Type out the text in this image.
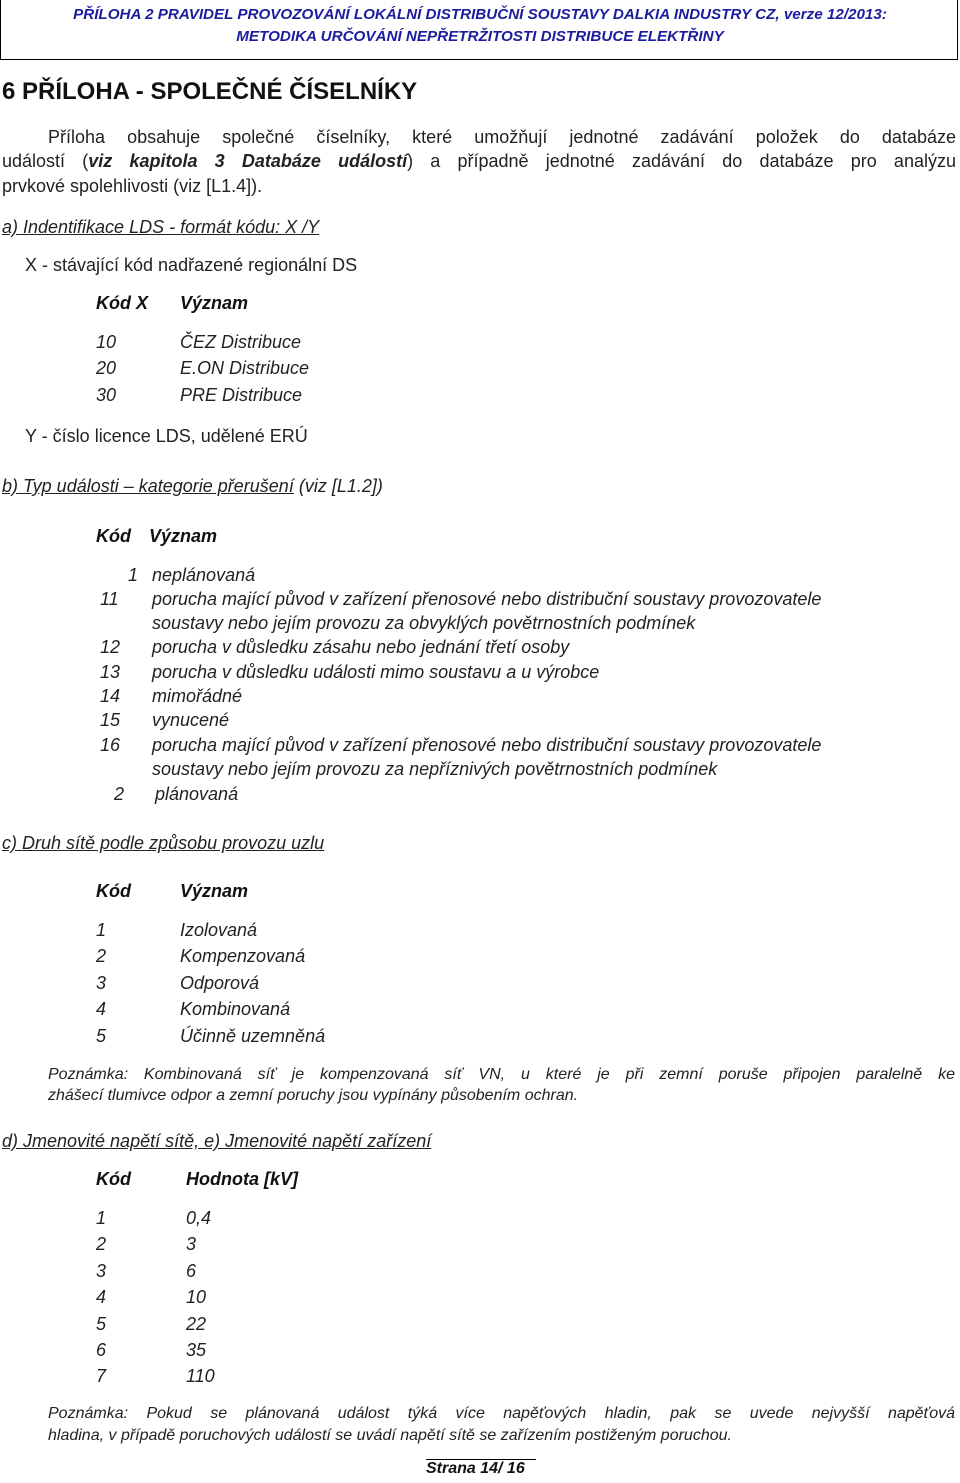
PŘÍLOHA 2 PRAVIDEL PROVOZOVÁNÍ LOKÁLNÍ DISTRIBUČNÍ SOUSTAVY DALKIA INDUSTRY CZ, verze 12/2013:
METODIKA URČOVÁNÍ NEPŘETRŽITOSTI DISTRIBUCE ELEKTŘINY
6 PŘÍLOHA - SPOLEČNÉ ČÍSELNÍKY
Příloha obsahuje společné číselníky, které umožňují jednotné zadávání položek do databáze
událostí (viz kapitola 3 Databáze událostí) a případně jednotné zadávání do databáze pro analýzu
prvkové spolehlivosti (viz [L1.4]).
a) Indentifikace LDS - formát kódu: X /Y
X - stávající kód nadřazené regionální DS
Kód X Význam
10	ČEZ Distribuce
20	E.ON Distribuce
30	PRE Distribuce
Y - číslo licence LDS, udělené ERÚ
b) Typ události – kategorie přerušení (viz [L1.2])
Kód Význam
1 neplánovaná
11	porucha mající původ v zařízení přenosové nebo distribuční soustavy provozovatele
soustavy nebo jejím provozu za obvyklých povětrnostních podmínek
12 porucha v důsledku zásahu nebo jednání třetí osoby
13 porucha v důsledku události mimo soustavu a u výrobce
14 mimořádné
15 vynucené
16 porucha mající původ v zařízení přenosové nebo distribuční soustavy provozovatele
soustavy nebo jejím provozu za nepříznivých povětrnostních podmínek
2 plánovaná
c) Druh sítě podle způsobu provozu uzlu
Kód	Význam
1	Izolovaná
2	Kompenzovaná
3	Odporová
4	Kombinovaná
5	Účinně uzemněná
Poznámka: Kombinovaná síť je kompenzovaná síť VN, u které je při zemní poruše připojen paralelně ke
zhášecí tlumivce odpor a zemní poruchy jsou vypínány působením ochran.
d) Jmenovité napětí sítě, e) Jmenovité napětí zařízení
Kód	Hodnota [kV]
1	0,4
2	3
3	6
4	10
5	22
6	35
7	110
Poznámka: Pokud se plánovaná událost týká více napěťových hladin, pak se uvede nejvyšší napěťová
hladina, v případě poruchových událostí se uvádí napětí sítě se zařízením postiženým poruchou.
Strana 14/ 16
